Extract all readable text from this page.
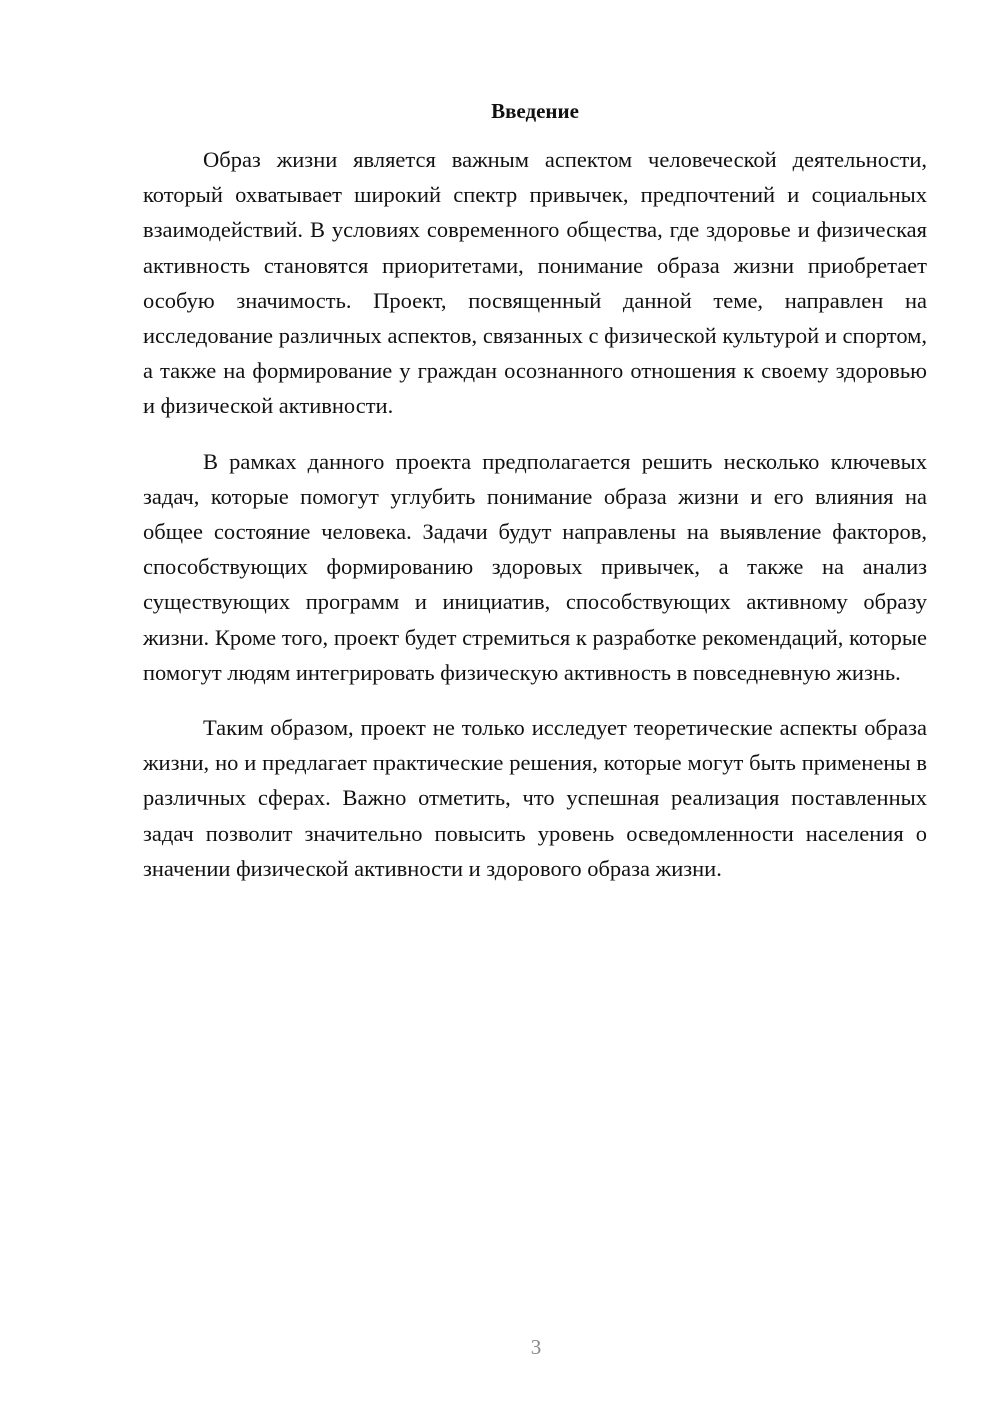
Введение

Образ жизни является важным аспектом человеческой деятельности, который охватывает широкий спектр привычек, предпочтений и социальных взаимодействий. В условиях современного общества, где здоровье и физическая активность становятся приоритетами, понимание образа жизни приобретает особую значимость. Проект, посвященный данной теме, направлен на исследование различных аспектов, связанных с физической культурой и спортом, а также на формирование у граждан осознанного отношения к своему здоровью и физической активности.

В рамках данного проекта предполагается решить несколько ключевых задач, которые помогут углубить понимание образа жизни и его влияния на общее состояние человека. Задачи будут направлены на выявление факторов, способствующих формированию здоровых привычек, а также на анализ существующих программ и инициатив, способствующих активному образу жизни. Кроме того, проект будет стремиться к разработке рекомендаций, которые помогут людям интегрировать физическую активность в повседневную жизнь.

Таким образом, проект не только исследует теоретические аспекты образа жизни, но и предлагает практические решения, которые могут быть применены в различных сферах. Важно отметить, что успешная реализация поставленных задач позволит значительно повысить уровень осведомленности населения о значении физической активности и здорового образа жизни.

3
